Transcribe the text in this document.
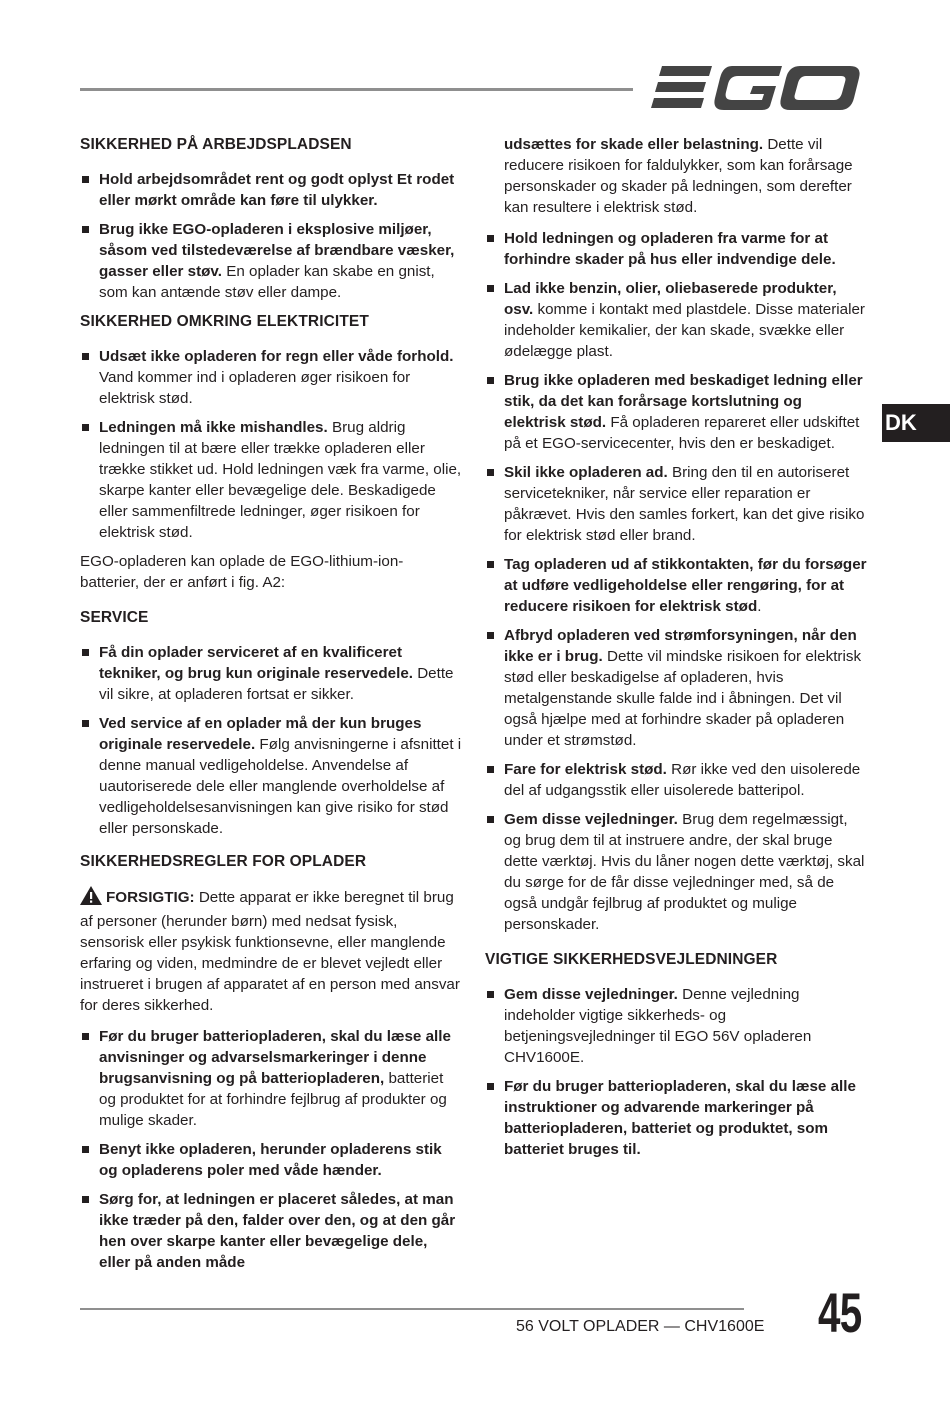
SIKKERHED PÅ ARBEJDSPLADSEN
Hold arbejdsområdet rent og godt oplyst Et rodet eller mørkt område kan føre til ulykker.
Brug ikke EGO-opladeren i eksplosive miljøer, såsom ved tilstedeværelse af brændbare væsker, gasser eller støv. En oplader kan skabe en gnist, som kan antænde støv eller dampe.
SIKKERHED OMKRING ELEKTRICITET
Udsæt ikke opladeren for regn eller våde forhold. Vand kommer ind i opladeren øger risikoen for elektrisk stød.
Ledningen må ikke mishandles. Brug aldrig ledningen til at bære eller trække opladeren eller trække stikket ud. Hold ledningen væk fra varme, olie, skarpe kanter eller bevægelige dele. Beskadigede eller sammenfiltrede ledninger, øger risikoen for elektrisk stød.

EGO-opladeren kan oplade de EGO-lithium-ion-batterier, der er anført i fig. A2:

SERVICE
Få din oplader serviceret af en kvalificeret tekniker, og brug kun originale reservedele. Dette vil sikre, at opladeren fortsat er sikker.
Ved service af en oplader må der kun bruges originale reservedele. Følg anvisningerne i afsnittet i denne manual vedligeholdelse. Anvendelse af uautoriserede dele eller manglende overholdelse af vedligeholdelsesanvisningen kan give risiko for stød eller personskade.
SIKKERHEDSREGLER FOR OPLADER

FORSIGTIG: Dette apparat er ikke beregnet til brug af personer (herunder børn) med nedsat fysisk, sensorisk eller psykisk funktionsevne, eller manglende erfaring og viden, medmindre de er blevet vejledt eller instrueret i brugen af apparatet af en person med ansvar for deres sikkerhed.

Før du bruger batteriopladeren, skal du læse alle anvisninger og advarselsmarkeringer i denne brugsanvisning og på batteriopladeren, batteriet og produktet for at forhindre fejlbrug af produkter og mulige skader.
Benyt ikke opladeren, herunder opladerens stik og opladerens poler med våde hænder.
Sørg for, at ledningen er placeret således, at man ikke træder på den, falder over den, og at den går hen over skarpe kanter eller bevægelige dele, eller på anden måde

udsættes for skade eller belastning. Dette vil reducere risikoen for faldulykker, som kan forårsage personskader og skader på ledningen, som derefter kan resultere i elektrisk stød.

Hold ledningen og opladeren fra varme for at forhindre skader på hus eller indvendige dele.
Lad ikke benzin, olier, oliebaserede produkter, osv. komme i kontakt med plastdele. Disse materialer indeholder kemikalier, der kan skade, svække eller ødelægge plast.
Brug ikke opladeren med beskadiget ledning eller stik, da det kan forårsage kortslutning og elektrisk stød. Få opladeren repareret eller udskiftet på et EGO-servicecenter, hvis den er beskadiget.
Skil ikke opladeren ad. Bring den til en autoriseret servicetekniker, når service eller reparation er påkrævet. Hvis den samles forkert, kan det give risiko for elektrisk stød eller brand.
Tag opladeren ud af stikkontakten, før du forsøger at udføre vedligeholdelse eller rengøring, for at reducere risikoen for elektrisk stød.
Afbryd opladeren ved strømforsyningen, når den ikke er i brug. Dette vil mindske risikoen for elektrisk stød eller beskadigelse af opladeren, hvis metalgenstande skulle falde ind i åbningen. Det vil også hjælpe med at forhindre skader på opladeren under et strømstød.
Fare for elektrisk stød. Rør ikke ved den uisolerede del af udgangsstik eller uisolerede batteripol.
Gem disse vejledninger. Brug dem regelmæssigt, og brug dem til at instruere andre, der skal bruge dette værktøj. Hvis du låner nogen dette værktøj, skal du sørge for de får disse vejledninger med, så de også undgår fejlbrug af produktet og mulige personskader.
VIGTIGE SIKKERHEDSVEJLEDNINGER
Gem disse vejledninger. Denne vejledning indeholder vigtige sikkerheds- og betjeningsvejledninger til EGO 56V opladeren CHV1600E.
Før du bruger batteriopladeren, skal du læse alle instruktioner og advarende markeringer på batteriopladeren, batteriet og produktet, som batteriet bruges til.
DK
56 VOLT OPLADER — CHV1600E 45
